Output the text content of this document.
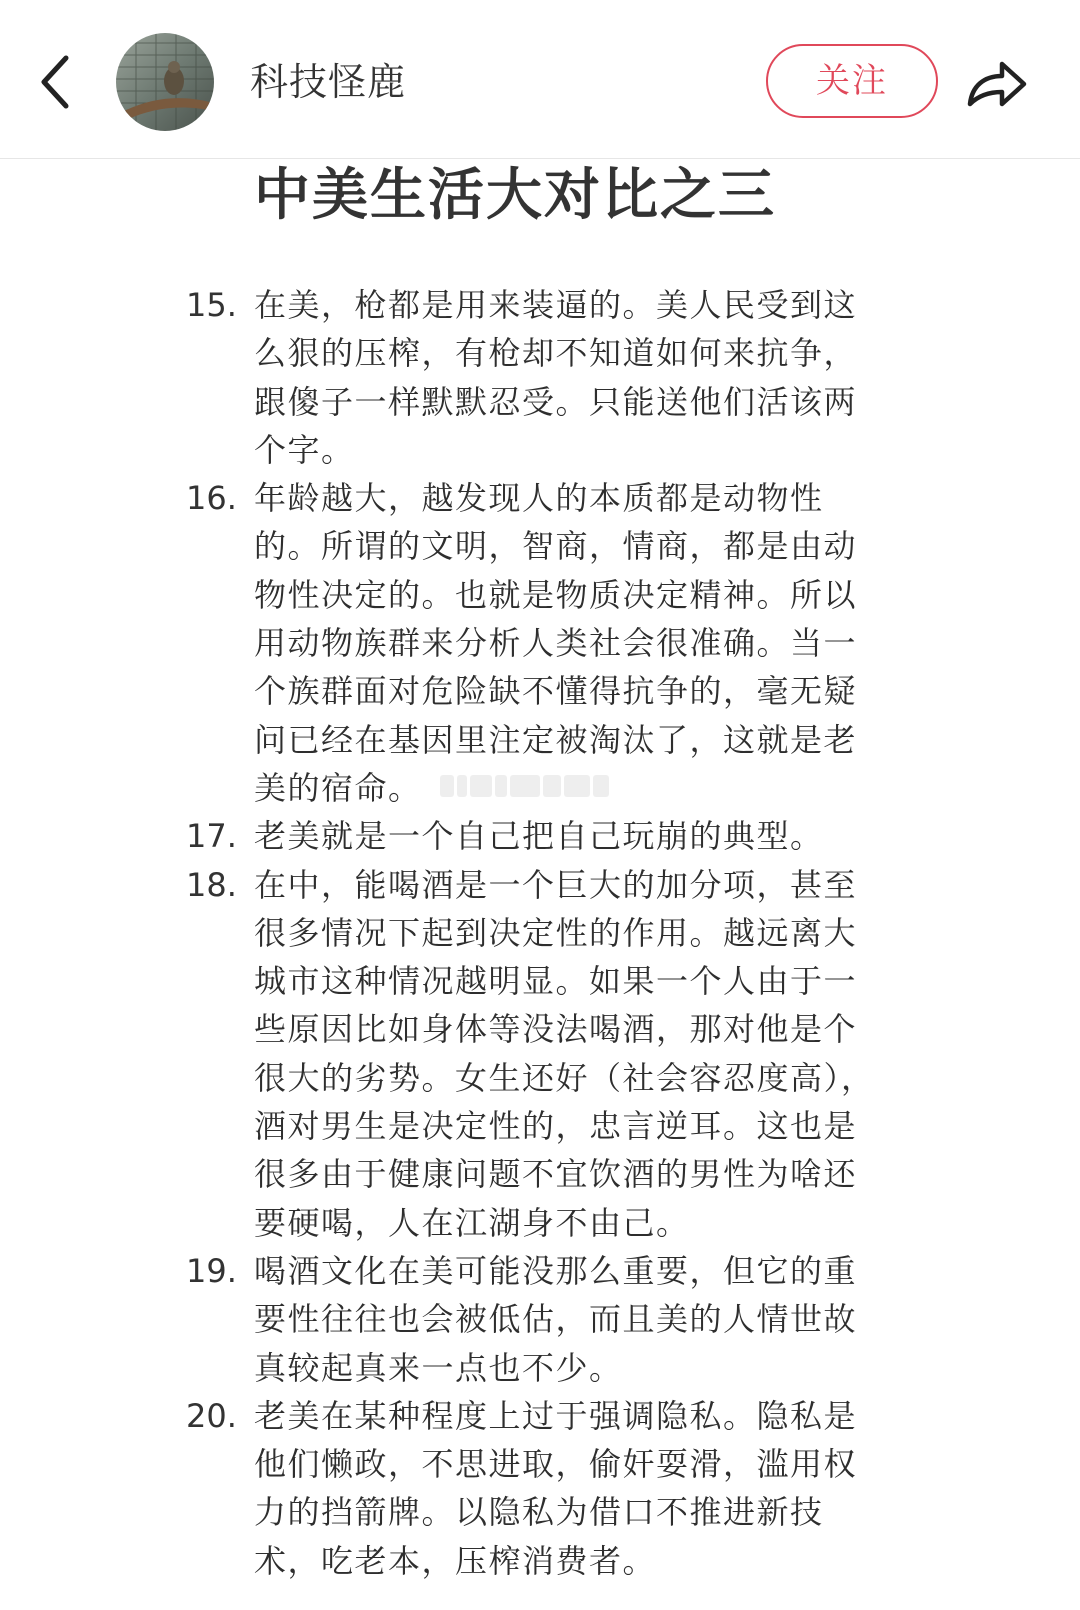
科技怪鹿	关注
中美生活大对比之三
15. 在美，枪都是用来装逼的。美人民受到这么狠的压榨，有枪却不知道如何来抗争，跟傻子一样默默忍受。只能送他们活该两个字。
16. 年龄越大，越发现人的本质都是动物性的。所谓的文明，智商，情商，都是由动物性决定的。也就是物质决定精神。所以用动物族群来分析人类社会很准确。当一个族群面对危险缺不懂得抗争的，毫无疑问已经在基因里注定被淘汰了，这就是老美的宿命。
17. 老美就是一个自己把自己玩崩的典型。
18. 在中，能喝酒是一个巨大的加分项，甚至很多情况下起到决定性的作用。越远离大城市这种情况越明显。如果一个人由于一些原因比如身体等没法喝酒，那对他是个很大的劣势。女生还好（社会容忍度高），酒对男生是决定性的，忠言逆耳。这也是很多由于健康问题不宜饮酒的男性为啥还要硬喝，人在江湖身不由己。
19. 喝酒文化在美可能没那么重要，但它的重要性往往也会被低估，而且美的人情世故真较起真来一点也不少。
20. 老美在某种程度上过于强调隐私。隐私是他们懒政，不思进取，偷奸耍滑，滥用权力的挡箭牌。以隐私为借口不推进新技术，吃老本，压榨消费者。
